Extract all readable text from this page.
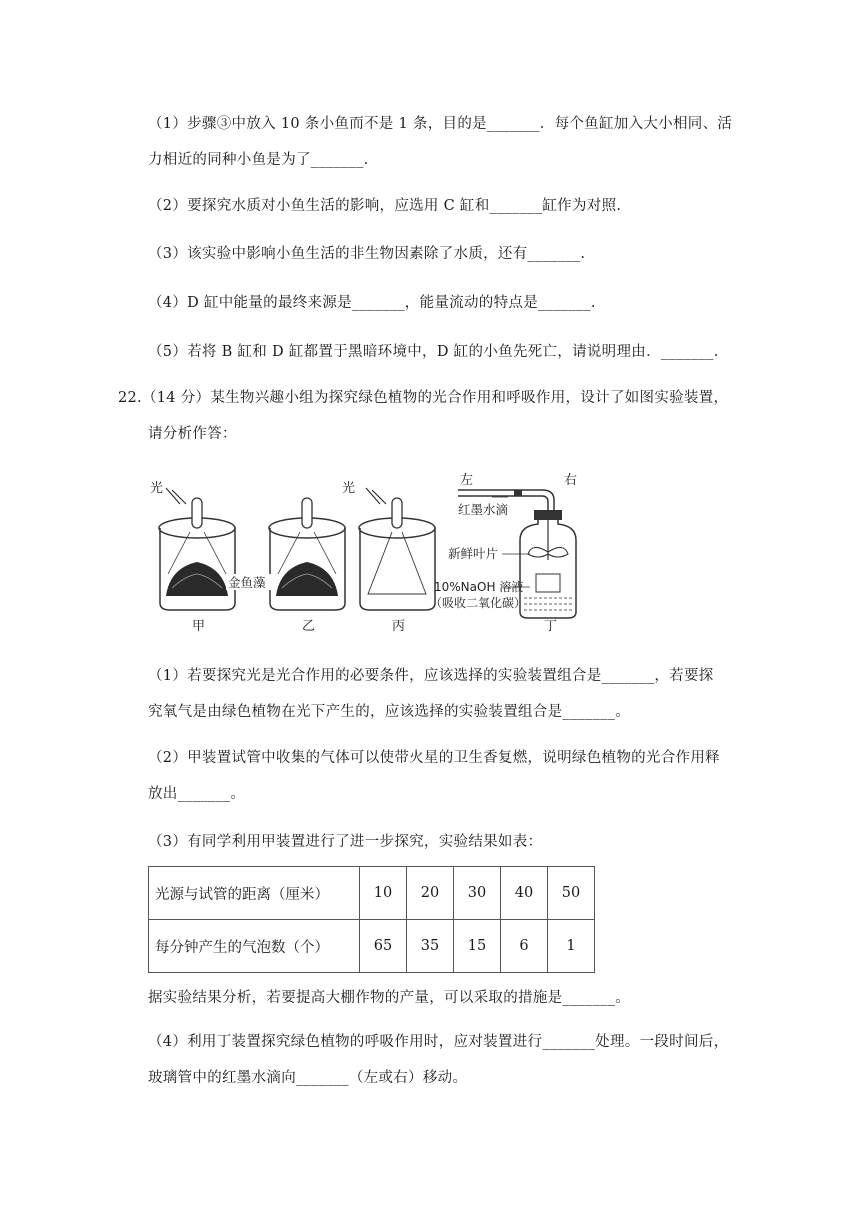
（1）步骤③中放入 10 条小鱼而不是 1 条，目的是_______．每个鱼缸加入大小相同、活
力相近的同种小鱼是为了_______.
（2）要探究水质对小鱼生活的影响，应选用 C 缸和_______缸作为对照.
（3）该实验中影响小鱼生活的非生物因素除了水质，还有_______.
（4）D 缸中能量的最终来源是_______，能量流动的特点是_______.
（5）若将 B 缸和 D 缸都置于黑暗环境中，D 缸的小鱼先死亡，请说明理由．_______.
22.（14 分）某生物兴趣小组为探究绿色植物的光合作用和呼吸作用，设计了如图实验装置，
请分析作答：
光
甲
金鱼藻
乙
光
丙
左	右
红墨水滴
新鲜叶片
10%NaOH 溶液
（吸收二氧化碳）
丁
（1）若要探究光是光合作用的必要条件，应该选择的实验装置组合是_______，若要探
究氧气是由绿色植物在光下产生的，应该选择的实验装置组合是_______。
（2）甲装置试管中收集的气体可以使带火星的卫生香复燃，说明绿色植物的光合作用释
放出_______。
（3）有同学利用甲装置进行了进一步探究，实验结果如表：
光源与试管的距离（厘米）	10	20	30	40	50
每分钟产生的气泡数（个）	65	35	15	6	1
据实验结果分析，若要提高大棚作物的产量，可以采取的措施是_______。
（4）利用丁装置探究绿色植物的呼吸作用时，应对装置进行_______处理。一段时间后，
玻璃管中的红墨水滴向_______（左或右）移动。
